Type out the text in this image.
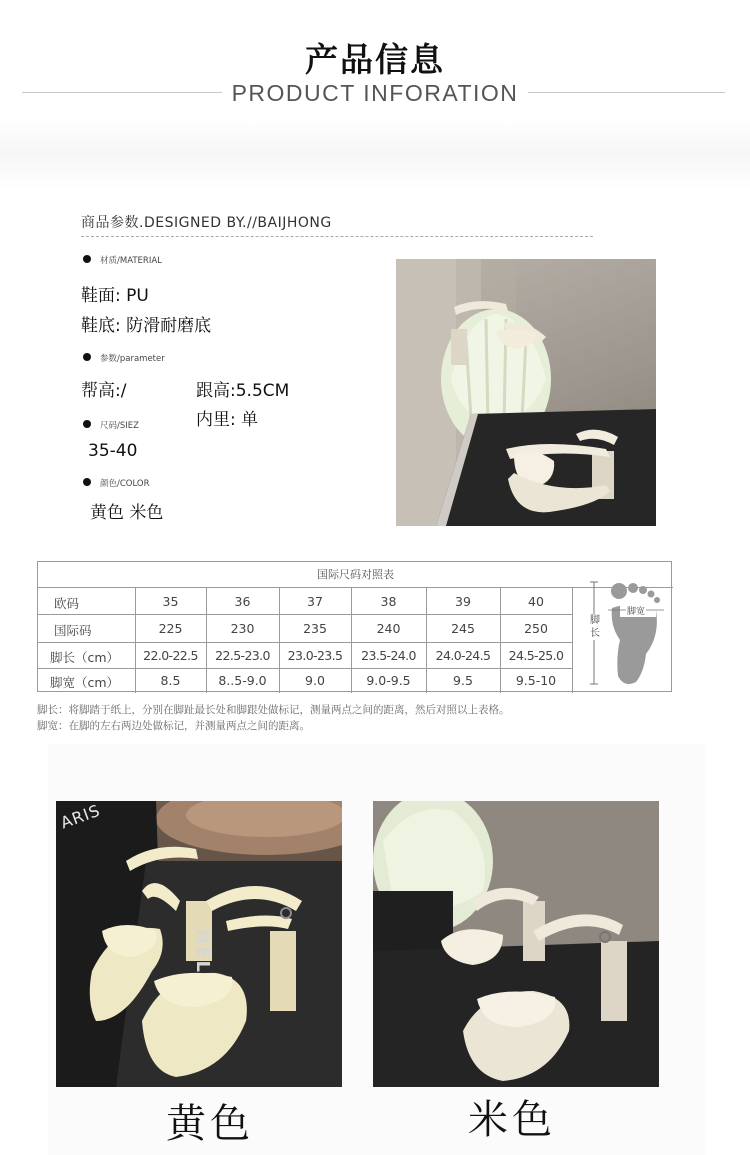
产品信息
PRODUCT INFORATION
商品参数.DESIGNED BY.//BAIJHONG
材质/MATERIAL
鞋面: PU
鞋底: 防滑耐磨底
参数/parameter
帮高:/	跟高:5.5CM
内里: 单
尺码/SIEZ
35-40
颜色/COLOR
黄色 米色
国际尺码对照表
欧码	35	36	37	38	39	40
国际码	225	230	235	240	245	250
脚长（cm）	22.0-22.5	22.5-23.0	23.0-23.5	23.5-24.0	24.0-24.5	24.5-25.0
脚宽（cm）	8.5	8..5-9.0	9.0	9.0-9.5	9.5	9.5-10
脚宽
脚长
脚长：将脚踏于纸上，分别在脚趾最长处和脚跟处做标记，测量两点之间的距离，然后对照以上表格。
脚宽：在脚的左右两边处做标记，并测量两点之间的距离。
ARIS
NEL
黄色	米色
